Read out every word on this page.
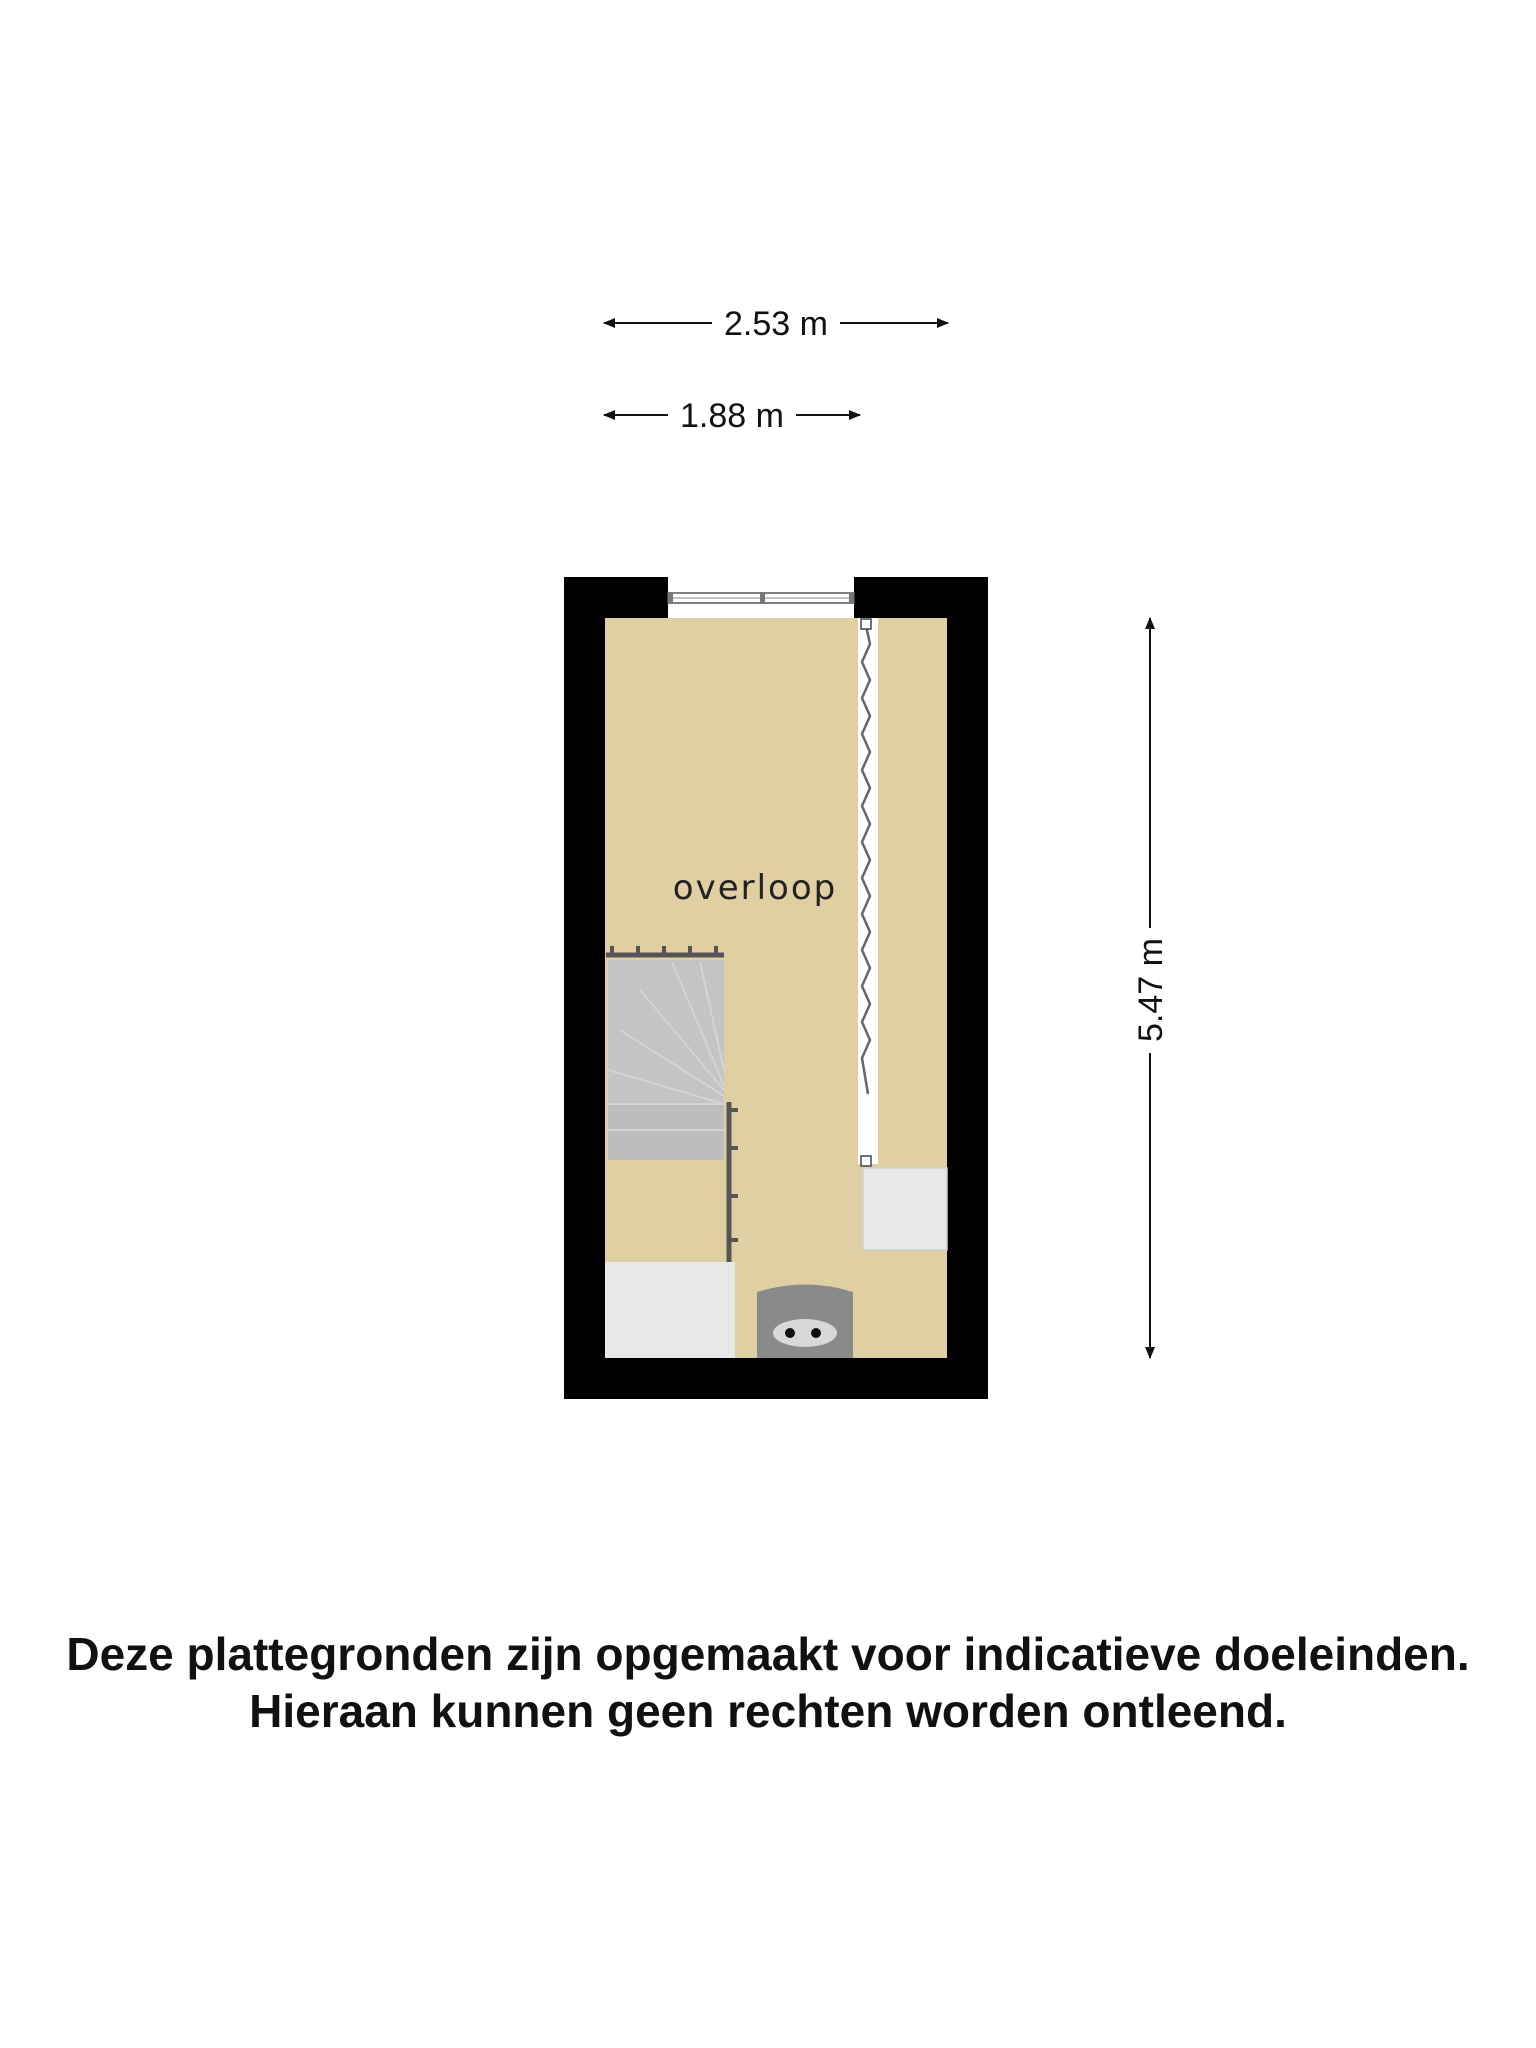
2.53 m
1.88 m
5.47 m
overloop
Deze plattegronden zijn opgemaakt voor indicatieve doeleinden.
Hieraan kunnen geen rechten worden ontleend.
